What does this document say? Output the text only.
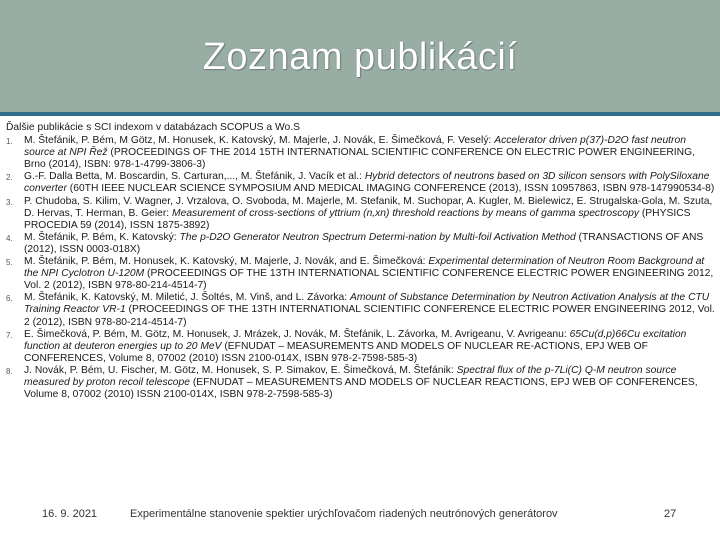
Zoznam publikácií
Ďalšie publikácie s SCI indexom v databázach SCOPUS a Wo.S
1. M. Štefánik, P. Bém, M Götz, M. Honusek, K. Katovský, M. Majerle, J. Novák, E. Šimečková, F. Veselý: Accelerator driven p(37)-D2O fast neutron source at NPI Řež (PROCEEDINGS OF THE 2014 15TH INTERNATIONAL SCIENTIFIC CONFERENCE ON ELECTRIC POWER ENGINEERING, Brno (2014), ISBN: 978-1-4799-3806-3)
2. G.-F. Dalla Betta, M. Boscardin, S. Carturan,..., M. Štefánik, J. Vacík et al.: Hybrid detectors of neutrons based on 3D silicon sensors with PolySiloxane converter (60TH IEEE NUCLEAR SCIENCE SYMPOSIUM AND MEDICAL IMAGING CONFERENCE (2013), ISSN 10957863, ISBN 978-147990534-8)
3. P. Chudoba, S. Kilim, V. Wagner, J. Vrzalova, O. Svoboda, M. Majerle, M. Stefanik, M. Suchopar, A. Kugler, M. Bielewicz, E. Strugalska-Gola, M. Szuta, D. Hervas, T. Herman, B. Geier: Measurement of cross-sections of yttrium (n,xn) threshold reactions by means of gamma spectroscopy (PHYSICS PROCEDIA 59 (2014), ISSN 1875-3892)
4. M. Štefánik, P. Bém, K. Katovský: The p-D2O Generator Neutron Spectrum Determi-nation by Multi-foil Activation Method (TRANSACTIONS OF ANS (2012), ISSN 0003-018X)
5. M. Štefánik, P. Bém, M. Honusek, K. Katovský, M. Majerle, J. Novák, and E. Šimečková: Experimental determination of Neutron Room Background at the NPI Cyclotron U-120M (PROCEEDINGS OF THE 13TH INTERNATIONAL SCIENTIFIC CONFERENCE ELECTRIC POWER ENGINEERING 2012, Vol. 2 (2012), ISBN 978-80-214-4514-7)
6. M. Štefánik, K. Katovský, M. Miletić, J. Šoltés, M. Vinš, and L. Závorka: Amount of Substance Determination by Neutron Activation Analysis at the CTU Training Reactor VR-1 (PROCEEDINGS OF THE 13TH INTERNATIONAL SCIENTIFIC CONFERENCE ELECTRIC POWER ENGINEERING 2012, Vol. 2 (2012), ISBN 978-80-214-4514-7)
7. E. Šimečková, P. Bém, M. Götz, M. Honusek, J. Mrázek, J. Novák, M. Štefánik, L. Závorka, M. Avrigeanu, V. Avrigeanu: 65Cu(d,p)66Cu excitation function at deuteron energies up to 20 MeV (EFNUDAT – MEASUREMENTS AND MODELS OF NUCLEAR RE-ACTIONS, EPJ WEB OF CONFERENCES, Volume 8, 07002 (2010) ISSN 2100-014X, ISBN 978-2-7598-585-3)
8. J. Novák, P. Bém, U. Fischer, M. Götz, M. Honusek, S. P. Simakov, E. Šimečková, M. Štefánik: Spectral flux of the p-7Li(C) Q-M neutron source measured by proton recoil telescope (EFNUDAT – MEASUREMENTS AND MODELS OF NUCLEAR REACTIONS, EPJ WEB OF CONFERENCES, Volume 8, 07002 (2010) ISSN 2100-014X, ISBN 978-2-7598-585-3)
16. 9. 2021	Experimentálne stanovenie spektier urýchľovačom riadených neutrónových generátorov	27
